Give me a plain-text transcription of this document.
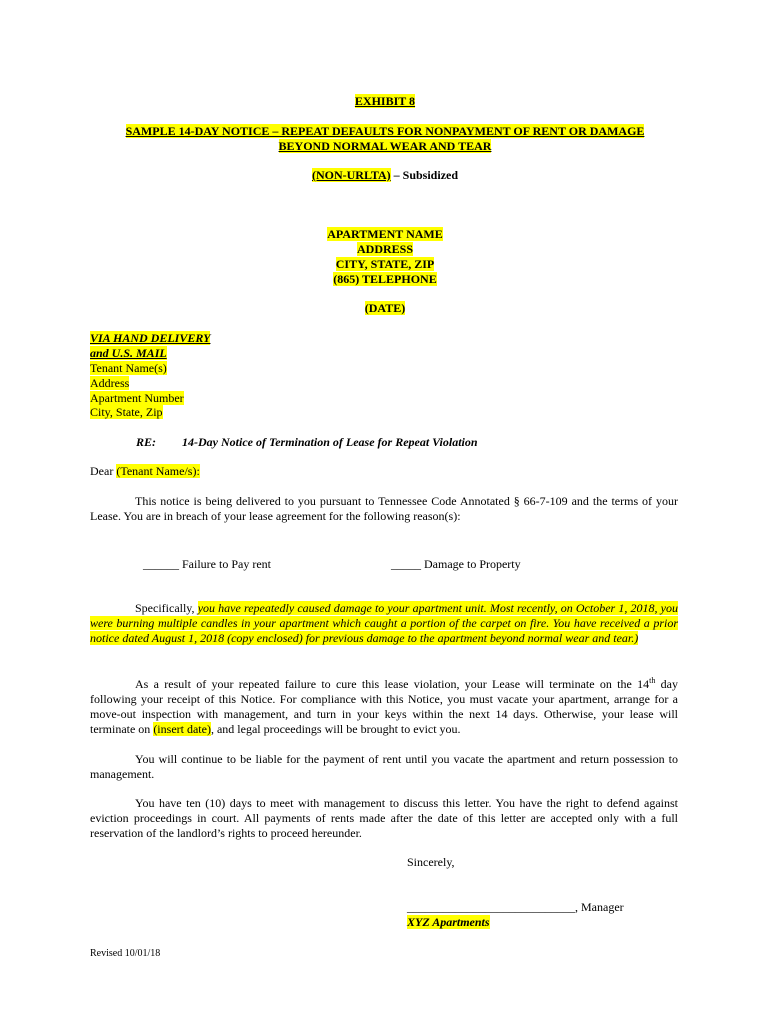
EXHIBIT 8
SAMPLE 14-DAY NOTICE – REPEAT DEFAULTS FOR NONPAYMENT OF RENT OR DAMAGE
BEYOND NORMAL WEAR AND TEAR
(NON-URLTA) – Subsidized
APARTMENT NAME
ADDRESS
CITY, STATE, ZIP
(865) TELEPHONE
(DATE)
VIA HAND DELIVERY
and U.S. MAIL
Tenant Name(s)
Address
Apartment Number
City, State, Zip
RE: 14-Day Notice of Termination of Lease for Repeat Violation
Dear (Tenant Name/s):
This notice is being delivered to you pursuant to Tennessee Code Annotated § 66-7-109 and the terms of your Lease. You are in breach of your lease agreement for the following reason(s):
______ Failure to Pay rent	_____ Damage to Property
Specifically, you have repeatedly caused damage to your apartment unit. Most recently, on October 1, 2018, you were burning multiple candles in your apartment which caught a portion of the carpet on fire. You have received a prior notice dated August 1, 2018 (copy enclosed) for previous damage to the apartment beyond normal wear and tear.)
As a result of your repeated failure to cure this lease violation, your Lease will terminate on the 14th day following your receipt of this Notice. For compliance with this Notice, you must vacate your apartment, arrange for a move-out inspection with management, and turn in your keys within the next 14 days. Otherwise, your lease will terminate on (insert date), and legal proceedings will be brought to evict you.
You will continue to be liable for the payment of rent until you vacate the apartment and return possession to management.
You have ten (10) days to meet with management to discuss this letter. You have the right to defend against eviction proceedings in court. All payments of rents made after the date of this letter are accepted only with a full reservation of the landlord’s rights to proceed hereunder.
Sincerely,
____________________________, Manager
XYZ Apartments
Revised 10/01/18
